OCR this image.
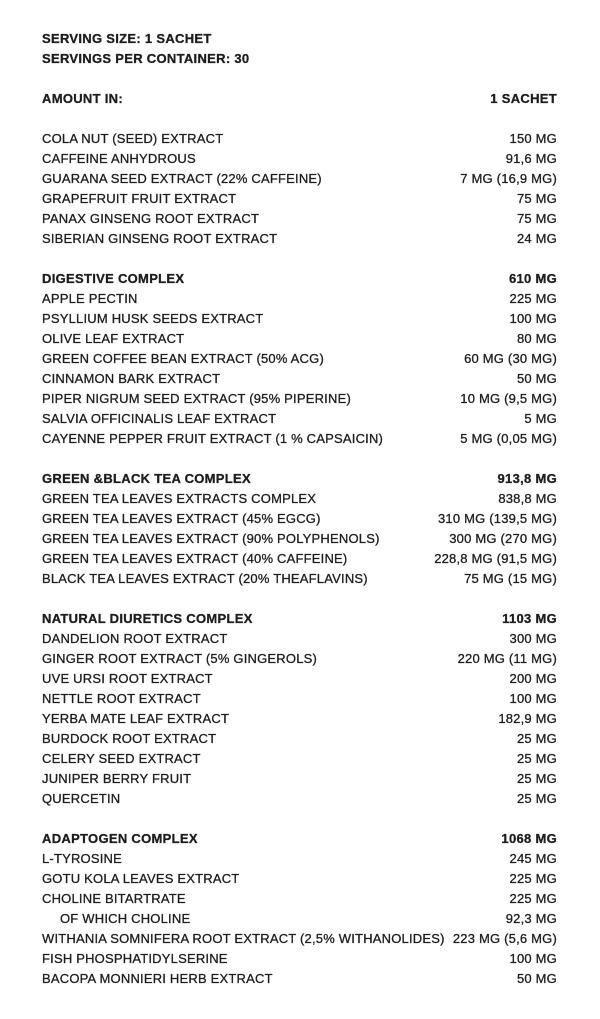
SERVING SIZE: 1 SACHET
SERVINGS PER CONTAINER: 30
AMOUNT IN:	1 SACHET
COLA NUT (SEED) EXTRACT	150 MG
CAFFEINE ANHYDROUS	91,6 MG
GUARANA SEED EXTRACT (22% CAFFEINE)	7 MG (16,9 MG)
GRAPEFRUIT FRUIT EXTRACT	75 MG
PANAX GINSENG ROOT EXTRACT	75 MG
SIBERIAN GINSENG ROOT EXTRACT	24 MG
DIGESTIVE COMPLEX	610 MG
APPLE PECTIN	225 MG
PSYLLIUM HUSK SEEDS EXTRACT	100 MG
OLIVE LEAF EXTRACT	80 MG
GREEN COFFEE BEAN EXTRACT (50% ACG)	60 MG (30 MG)
CINNAMON BARK EXTRACT	50 MG
PIPER NIGRUM SEED EXTRACT (95% PIPERINE)	10 MG (9,5 MG)
SALVIA OFFICINALIS LEAF EXTRACT	5 MG
CAYENNE PEPPER FRUIT EXTRACT (1 % CAPSAICIN)	5 MG (0,05 MG)
GREEN &BLACK TEA COMPLEX	913,8 MG
GREEN TEA LEAVES EXTRACTS COMPLEX	838,8 MG
GREEN TEA LEAVES EXTRACT (45% EGCG)	310 MG (139,5 MG)
GREEN TEA LEAVES EXTRACT (90% POLYPHENOLS)	300 MG (270 MG)
GREEN TEA LEAVES EXTRACT (40% CAFFEINE)	228,8 MG (91,5 MG)
BLACK TEA LEAVES EXTRACT (20% THEAFLAVINS)	75 MG (15 MG)
NATURAL DIURETICS COMPLEX	1103 MG
DANDELION ROOT EXTRACT	300 MG
GINGER ROOT EXTRACT (5% GINGEROLS)	220 MG (11 MG)
UVE URSI ROOT EXTRACT	200 MG
NETTLE ROOT EXTRACT	100 MG
YERBA MATE LEAF EXTRACT	182,9 MG
BURDOCK ROOT EXTRACT	25 MG
CELERY SEED EXTRACT	25 MG
JUNIPER BERRY FRUIT	25 MG
QUERCETIN	25 MG
ADAPTOGEN COMPLEX	1068 MG
L-TYROSINE	245 MG
GOTU KOLA LEAVES EXTRACT	225 MG
CHOLINE BITARTRATE	225 MG
OF WHICH CHOLINE	92,3 MG
WITHANIA SOMNIFERA ROOT EXTRACT (2,5% WITHANOLIDES) 223 MG (5,6 MG)
FISH PHOSPHATIDYLSERINE	100 MG
BACOPA MONNIERI HERB EXTRACT	50 MG
